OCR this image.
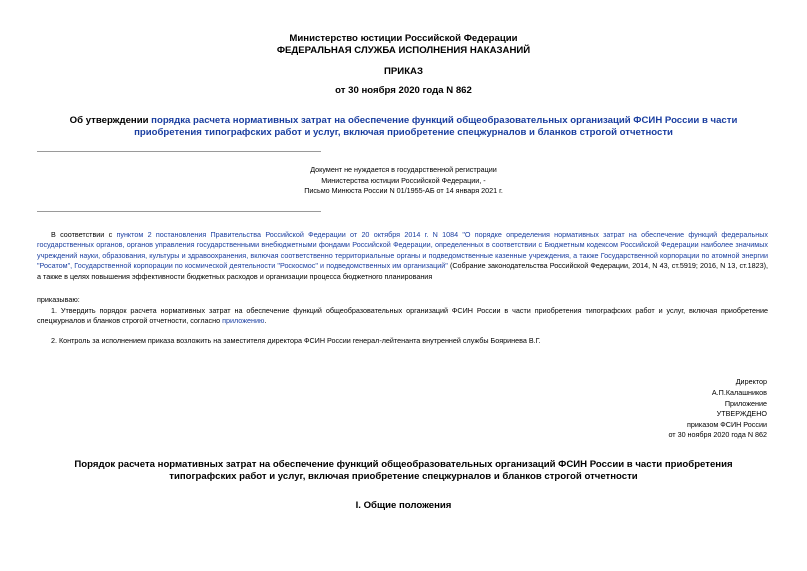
Министерство юстиции Российской Федерации
ФЕДЕРАЛЬНАЯ СЛУЖБА ИСПОЛНЕНИЯ НАКАЗАНИЙ
ПРИКАЗ
от 30 ноября 2020 года N 862
Об утверждении порядка расчета нормативных затрат на обеспечение функций общеобразовательных организаций ФСИН России в части приобретения типографских работ и услуг, включая приобретение спецжурналов и бланков строгой отчетности
Документ не нуждается в государственной регистрации
Министерства юстиции Российской Федерации, -
Письмо Минюста России N 01/1955-АБ от 14 января 2021 г.
В соответствии с пунктом 2 постановления Правительства Российской Федерации от 20 октября 2014 г. N 1084 "О порядке определения нормативных затрат на обеспечение функций федеральных государственных органов, органов управления государственными внебюджетными фондами Российской Федерации, определенных в соответствии с Бюджетным кодексом Российской Федерации наиболее значимых учреждений науки, образования, культуры и здравоохранения, включая соответственно территориальные органы и подведомственные казенные учреждения, а также Государственной корпорации по атомной энергии "Росатом", Государственной корпорации по космической деятельности "Роскосмос" и подведомственных им организаций" (Собрание законодательства Российской Федерации, 2014, N 43, ст.5919; 2016, N 13, ст.1823), а также в целях повышения эффективности бюджетных расходов и организации процесса бюджетного планирования
приказываю:
1. Утвердить порядок расчета нормативных затрат на обеспечение функций общеобразовательных организаций ФСИН России в части приобретения типографских работ и услуг, включая приобретение спецжурналов и бланков строгой отчетности, согласно приложению.
2. Контроль за исполнением приказа возложить на заместителя директора ФСИН России генерал-лейтенанта внутренней службы Бояринева В.Г.
Директор
А.П.Калашников
Приложение
УТВЕРЖДЕНО
приказом ФСИН России
от 30 ноября 2020 года N 862
Порядок расчета нормативных затрат на обеспечение функций общеобразовательных организаций ФСИН России в части приобретения типографских работ и услуг, включая приобретение спецжурналов и бланков строгой отчетности
I. Общие положения
